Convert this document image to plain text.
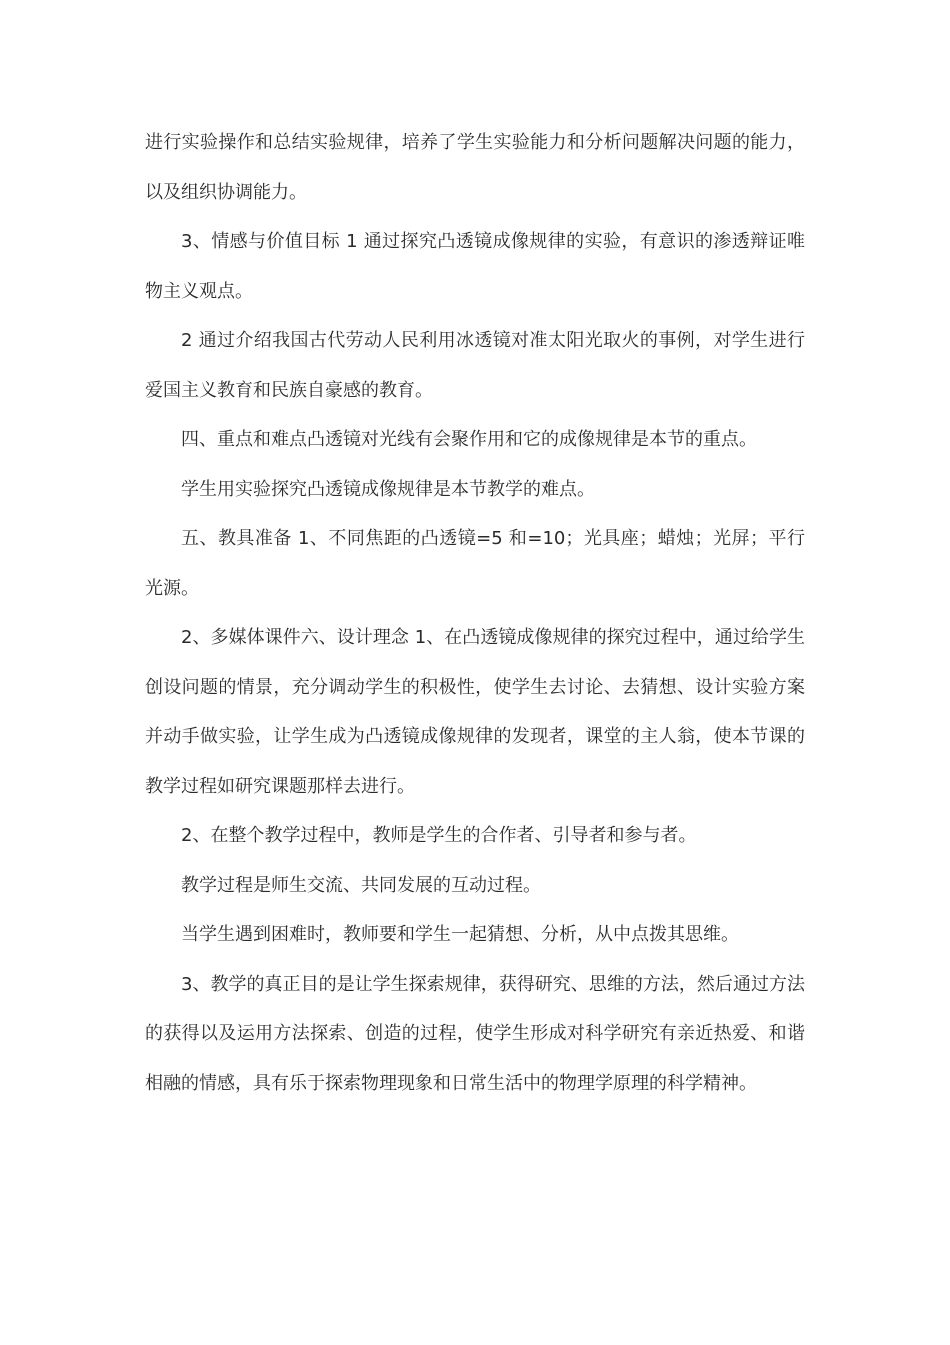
进行实验操作和总结实验规律，培养了学生实验能力和分析问题解决问题的能力，以及组织协调能力。

3、情感与价值目标 1 通过探究凸透镜成像规律的实验，有意识的渗透辩证唯物主义观点。

2 通过介绍我国古代劳动人民利用冰透镜对准太阳光取火的事例，对学生进行爱国主义教育和民族自豪感的教育。

四、重点和难点凸透镜对光线有会聚作用和它的成像规律是本节的重点。

学生用实验探究凸透镜成像规律是本节教学的难点。

五、教具准备 1、不同焦距的凸透镜=5 和=10；光具座；蜡烛；光屏；平行光源。

2、多媒体课件六、设计理念 1、在凸透镜成像规律的探究过程中，通过给学生创设问题的情景，充分调动学生的积极性，使学生去讨论、去猜想、设计实验方案并动手做实验，让学生成为凸透镜成像规律的发现者，课堂的主人翁，使本节课的教学过程如研究课题那样去进行。

2、在整个教学过程中，教师是学生的合作者、引导者和参与者。

教学过程是师生交流、共同发展的互动过程。

当学生遇到困难时，教师要和学生一起猜想、分析，从中点拨其思维。

3、教学的真正目的是让学生探索规律，获得研究、思维的方法，然后通过方法的获得以及运用方法探索、创造的过程，使学生形成对科学研究有亲近热爱、和谐相融的情感，具有乐于探索物理现象和日常生活中的物理学原理的科学精神。
